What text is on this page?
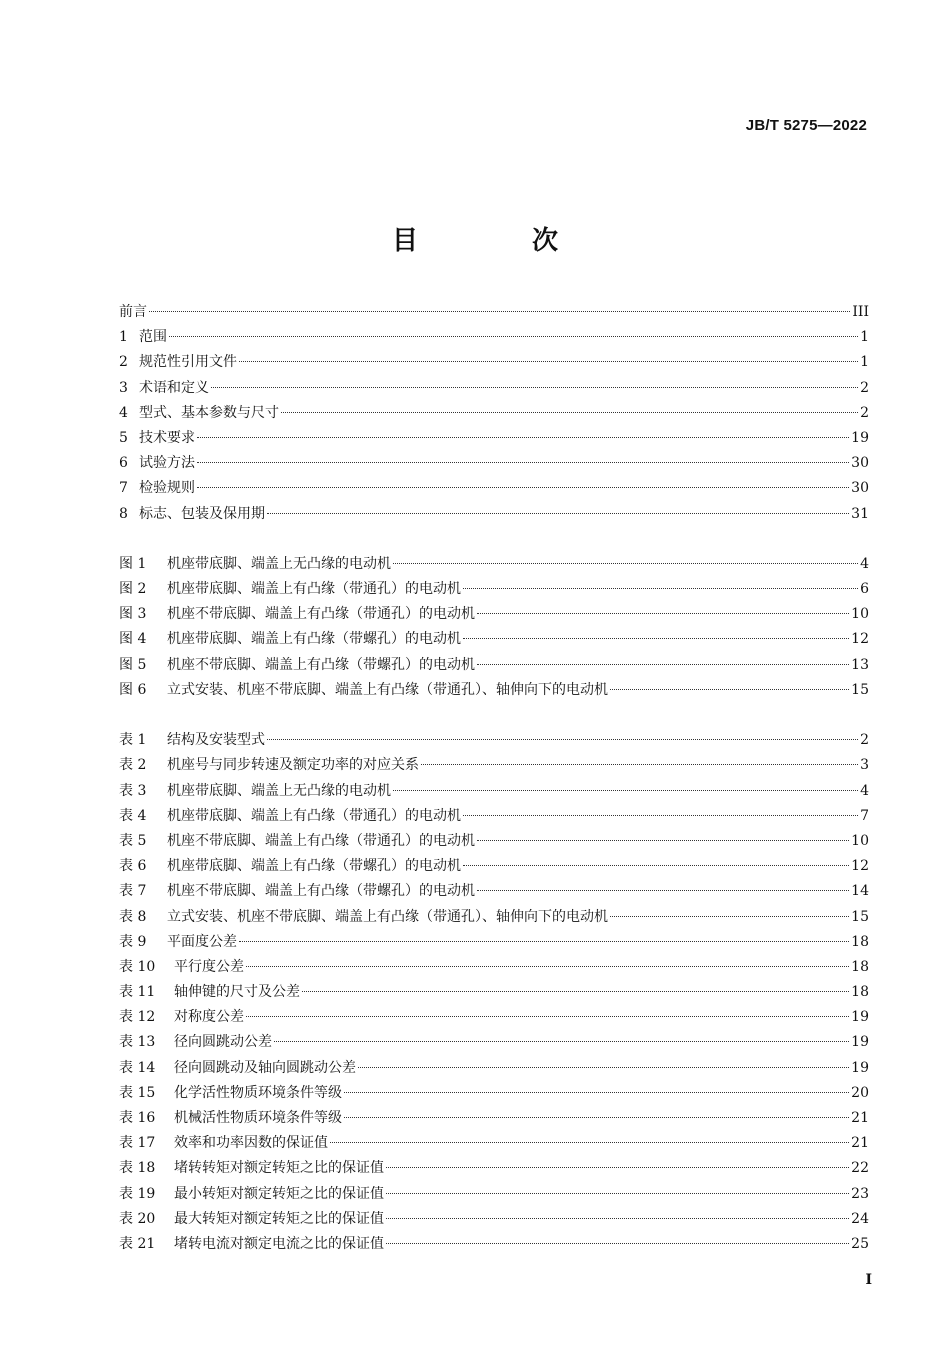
JB/T 5275—2022
目　次
前言	III
1 范围	1
2 规范性引用文件	1
3 术语和定义	2
4 型式、基本参数与尺寸	2
5 技术要求	19
6 试验方法	30
7 检验规则	30
8 标志、包装及保用期	31
图 1	机座带底脚、端盖上无凸缘的电动机	4
图 2	机座带底脚、端盖上有凸缘（带通孔）的电动机	6
图 3	机座不带底脚、端盖上有凸缘（带通孔）的电动机	10
图 4	机座带底脚、端盖上有凸缘（带螺孔）的电动机	12
图 5	机座不带底脚、端盖上有凸缘（带螺孔）的电动机	13
图 6	立式安装、机座不带底脚、端盖上有凸缘（带通孔）、轴伸向下的电动机	15
表 1	结构及安装型式	2
表 2	机座号与同步转速及额定功率的对应关系	3
表 3	机座带底脚、端盖上无凸缘的电动机	4
表 4	机座带底脚、端盖上有凸缘（带通孔）的电动机	7
表 5	机座不带底脚、端盖上有凸缘（带通孔）的电动机	10
表 6	机座带底脚、端盖上有凸缘（带螺孔）的电动机	12
表 7	机座不带底脚、端盖上有凸缘（带螺孔）的电动机	14
表 8	立式安装、机座不带底脚、端盖上有凸缘（带通孔）、轴伸向下的电动机	15
表 9	平面度公差	18
表 10	平行度公差	18
表 11	轴伸键的尺寸及公差	18
表 12	对称度公差	19
表 13	径向圆跳动公差	19
表 14	径向圆跳动及轴向圆跳动公差	19
表 15	化学活性物质环境条件等级	20
表 16	机械活性物质环境条件等级	21
表 17	效率和功率因数的保证值	21
表 18	堵转转矩对额定转矩之比的保证值	22
表 19	最小转矩对额定转矩之比的保证值	23
表 20	最大转矩对额定转矩之比的保证值	24
表 21	堵转电流对额定电流之比的保证值	25
I
